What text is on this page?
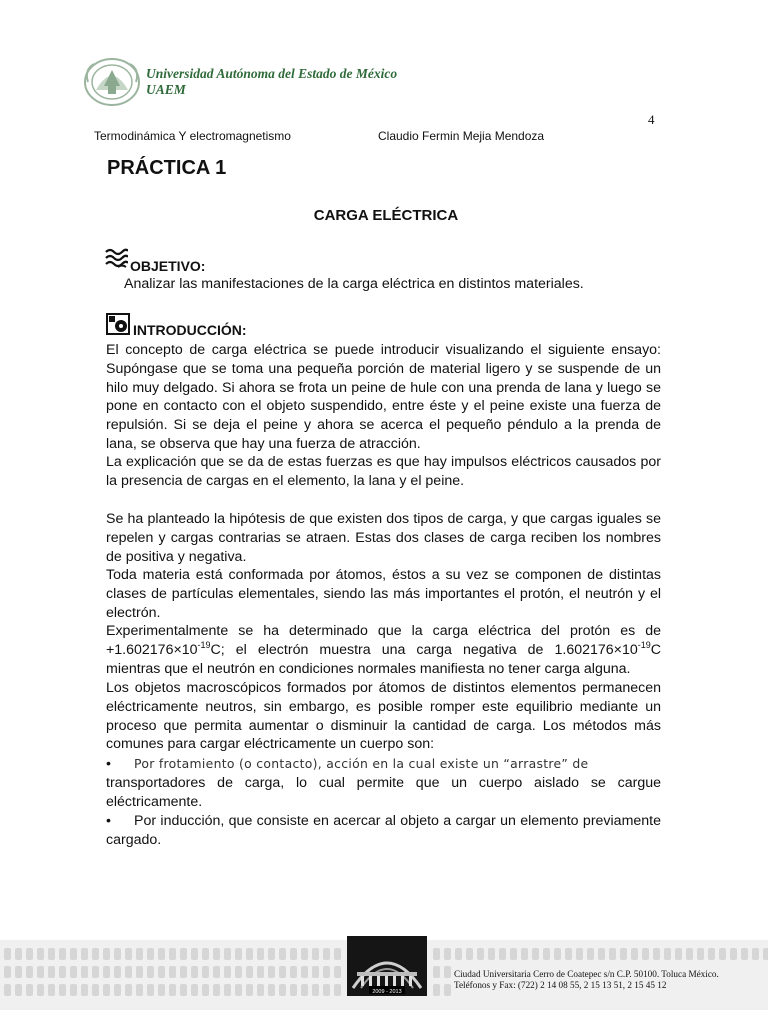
Universidad Autónoma del Estado de México
UAEM
4
Termodinámica Y electromagnetismo	Claudio Fermin Mejia Mendoza
PRÁCTICA 1
CARGA ELÉCTRICA
OBJETIVO:
Analizar las manifestaciones de la carga eléctrica en distintos materiales.
INTRODUCCIÓN:
El concepto de carga eléctrica se puede introducir visualizando el siguiente ensayo: Supóngase que se toma una pequeña porción de material ligero y se suspende de un hilo muy delgado. Si ahora se frota un peine de hule con una prenda de lana y luego se pone en contacto con el objeto suspendido, entre éste y el peine existe una fuerza de repulsión. Si se deja el peine y ahora se acerca el pequeño péndulo a la prenda de lana, se observa que hay una fuerza de atracción.
La explicación que se da de estas fuerzas es que hay impulsos eléctricos causados por la presencia de cargas en el elemento, la lana y el peine.
Se ha planteado la hipótesis de que existen dos tipos de carga, y que cargas iguales se repelen y cargas contrarias se atraen. Estas dos clases de carga reciben los nombres de positiva y negativa.
Toda materia está conformada por átomos, éstos a su vez se componen de distintas clases de partículas elementales, siendo las más importantes el protón, el neutrón y el electrón.
Experimentalmente se ha determinado que la carga eléctrica del protón es de $+1.602176\times 10^{-19}C$; el electrón muestra una carga negativa de $1.602176\times 10^{-19}C$ mientras que el neutrón en condiciones normales manifiesta no tener carga alguna.
Los objetos macroscópicos formados por átomos de distintos elementos permanecen eléctricamente neutros, sin embargo, es posible romper este equilibrio mediante un proceso que permita aumentar o disminuir la cantidad de carga. Los métodos más comunes para cargar eléctricamente un cuerpo son:
• Por frotamiento (o contacto), acción en la cual existe un “arrastre” de
transportadores de carga, lo cual permite que un cuerpo aislado se cargue eléctricamente.
• Por inducción, que consiste en acercar al objeto a cargar un elemento previamente cargado.
2009 - 2013
Ciudad Universitaria Cerro de Coatepec s/n C.P. 50100. Toluca México.
Teléfonos y Fax: (722) 2 14 08 55, 2 15 13 51, 2 15 45 12
